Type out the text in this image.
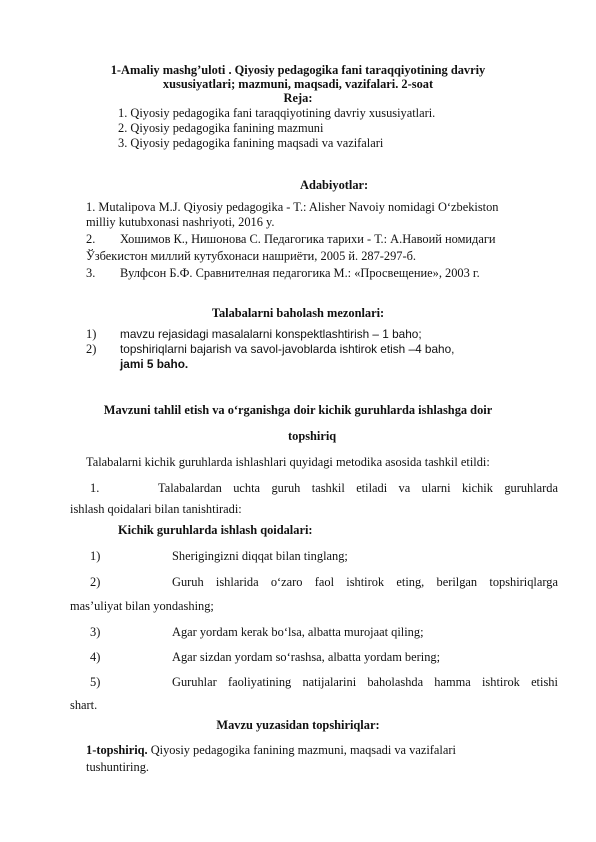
1-Amaliy mashg’uloti . Qiyosiy pedagogika fani taraqqiyotining davriy
xususiyatlari; mazmuni, maqsadi, vazifalari. 2-soat
Reja:
1. Qiyosiy pedagogika fani taraqqiyotining davriy xususiyatlari.
2. Qiyosiy pedagogika fanining mazmuni
3. Qiyosiy pedagogika fanining maqsadi va vazifalari
Adabiyotlar:
1. Mutalipova M.J. Qiyosiy pedagogika - T.: Alisher Navoiy nomidagi O‘zbekiston
milliy kutubxonasi nashriyoti, 2016 y.
2. Хошимов К., Нишонова С. Педагогика тарихи - Т.: А.Навоий номидаги
Ўзбекистон миллий кутубхонаси нашриёти, 2005 й. 287-297-б.
3. Вулфсон Б.Ф. Сравнителная педагогика М.: «Просвещение», 2003 г.
Talabalarni baholash mezonlari:
1) mavzu rejasidagi masalalarni konspektlashtirish – 1 baho;
2) topshiriqlarni bajarish va savol-javoblarda ishtirok etish –4 baho,
jami 5 baho.
Mavzuni tahlil etish va o‘rganishga doir kichik guruhlarda ishlashga doir
topshiriq
Talabalarni kichik guruhlarda ishlashlari quyidagi metodika asosida tashkil etildi:
1.	Talabalardan uchta guruh tashkil etiladi va ularni kichik guruhlarda
ishlash qoidalari bilan tanishtiradi:
Kichik guruhlarda ishlash qoidalari:
1)	Sherigingizni diqqat bilan tinglang;
2)	Guruh ishlarida o‘zaro faol ishtirok eting, berilgan topshiriqlarga
mas’uliyat bilan yondashing;
3)	Agar yordam kerak bo‘lsa, albatta murojaat qiling;
4)	Agar sizdan yordam so‘rashsa, albatta yordam bering;
5)	Guruhlar faoliyatining natijalarini baholashda hamma ishtirok etishi
shart.
Mavzu yuzasidan topshiriqlar:
1-topshiriq. Qiyosiy pedagogika fanining mazmuni, maqsadi va vazifalari
tushuntiring.
